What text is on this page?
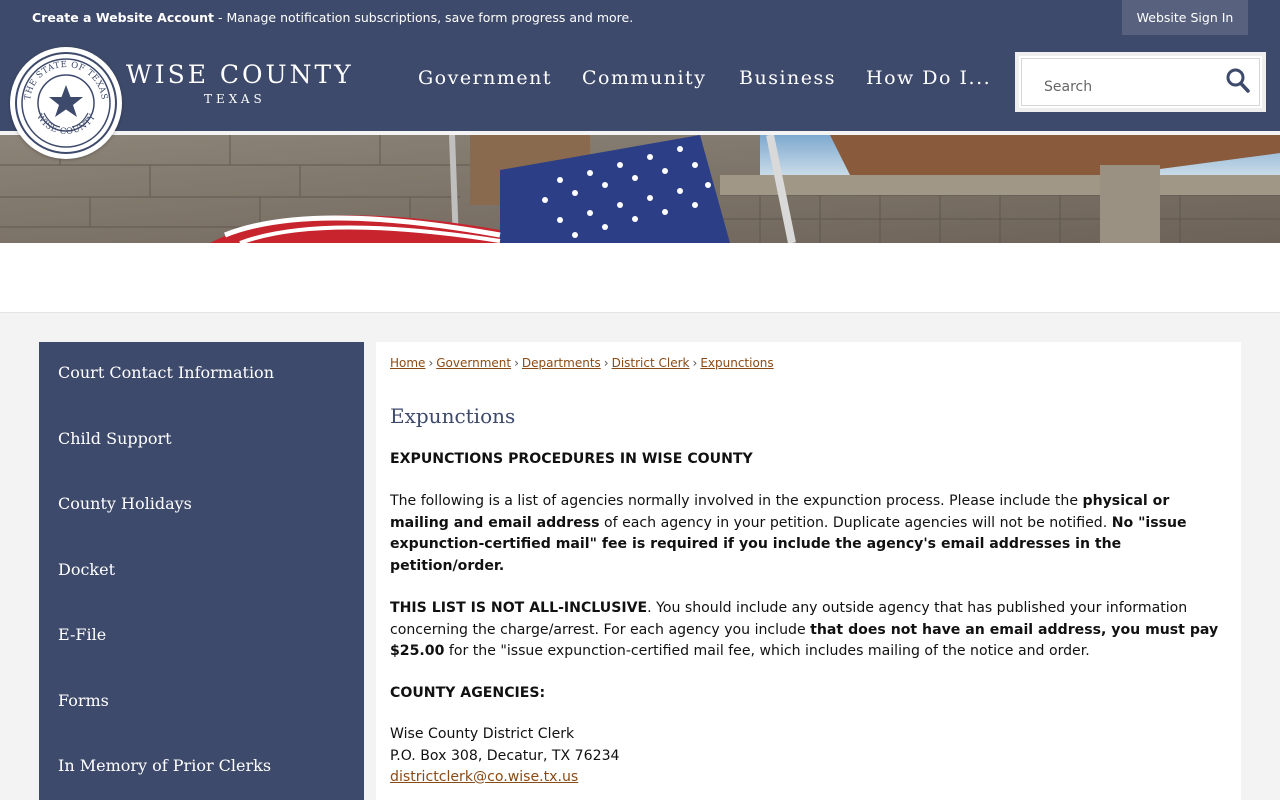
Create a Website Account - Manage notification subscriptions, save form progress and more.	Website Sign In
THE STATE OF TEXAS
WISE COUNTY
WISE COUNTY
TEXAS
Government Community Business How Do I...	Search
Court Contact Information
Child Support
County Holidays
Docket
E-File
Forms
In Memory of Prior Clerks
Home › Government › Departments › District Clerk › Expunctions
Expunctions
EXPUNCTIONS PROCEDURES IN WISE COUNTY
The following is a list of agencies normally involved in the expunction process. Please include the physical or mailing and email address of each agency in your petition. Duplicate agencies will not be notified. No "issue expunction-certified mail" fee is required if you include the agency's email addresses in the petition/order.
THIS LIST IS NOT ALL-INCLUSIVE. You should include any outside agency that has published your information concerning the charge/arrest. For each agency you include that does not have an email address, you must pay $25.00 for the "issue expunction-certified mail fee, which includes mailing of the notice and order.
COUNTY AGENCIES:
Wise County District Clerk
P.O. Box 308, Decatur, TX 76234
districtclerk@co.wise.tx.us
